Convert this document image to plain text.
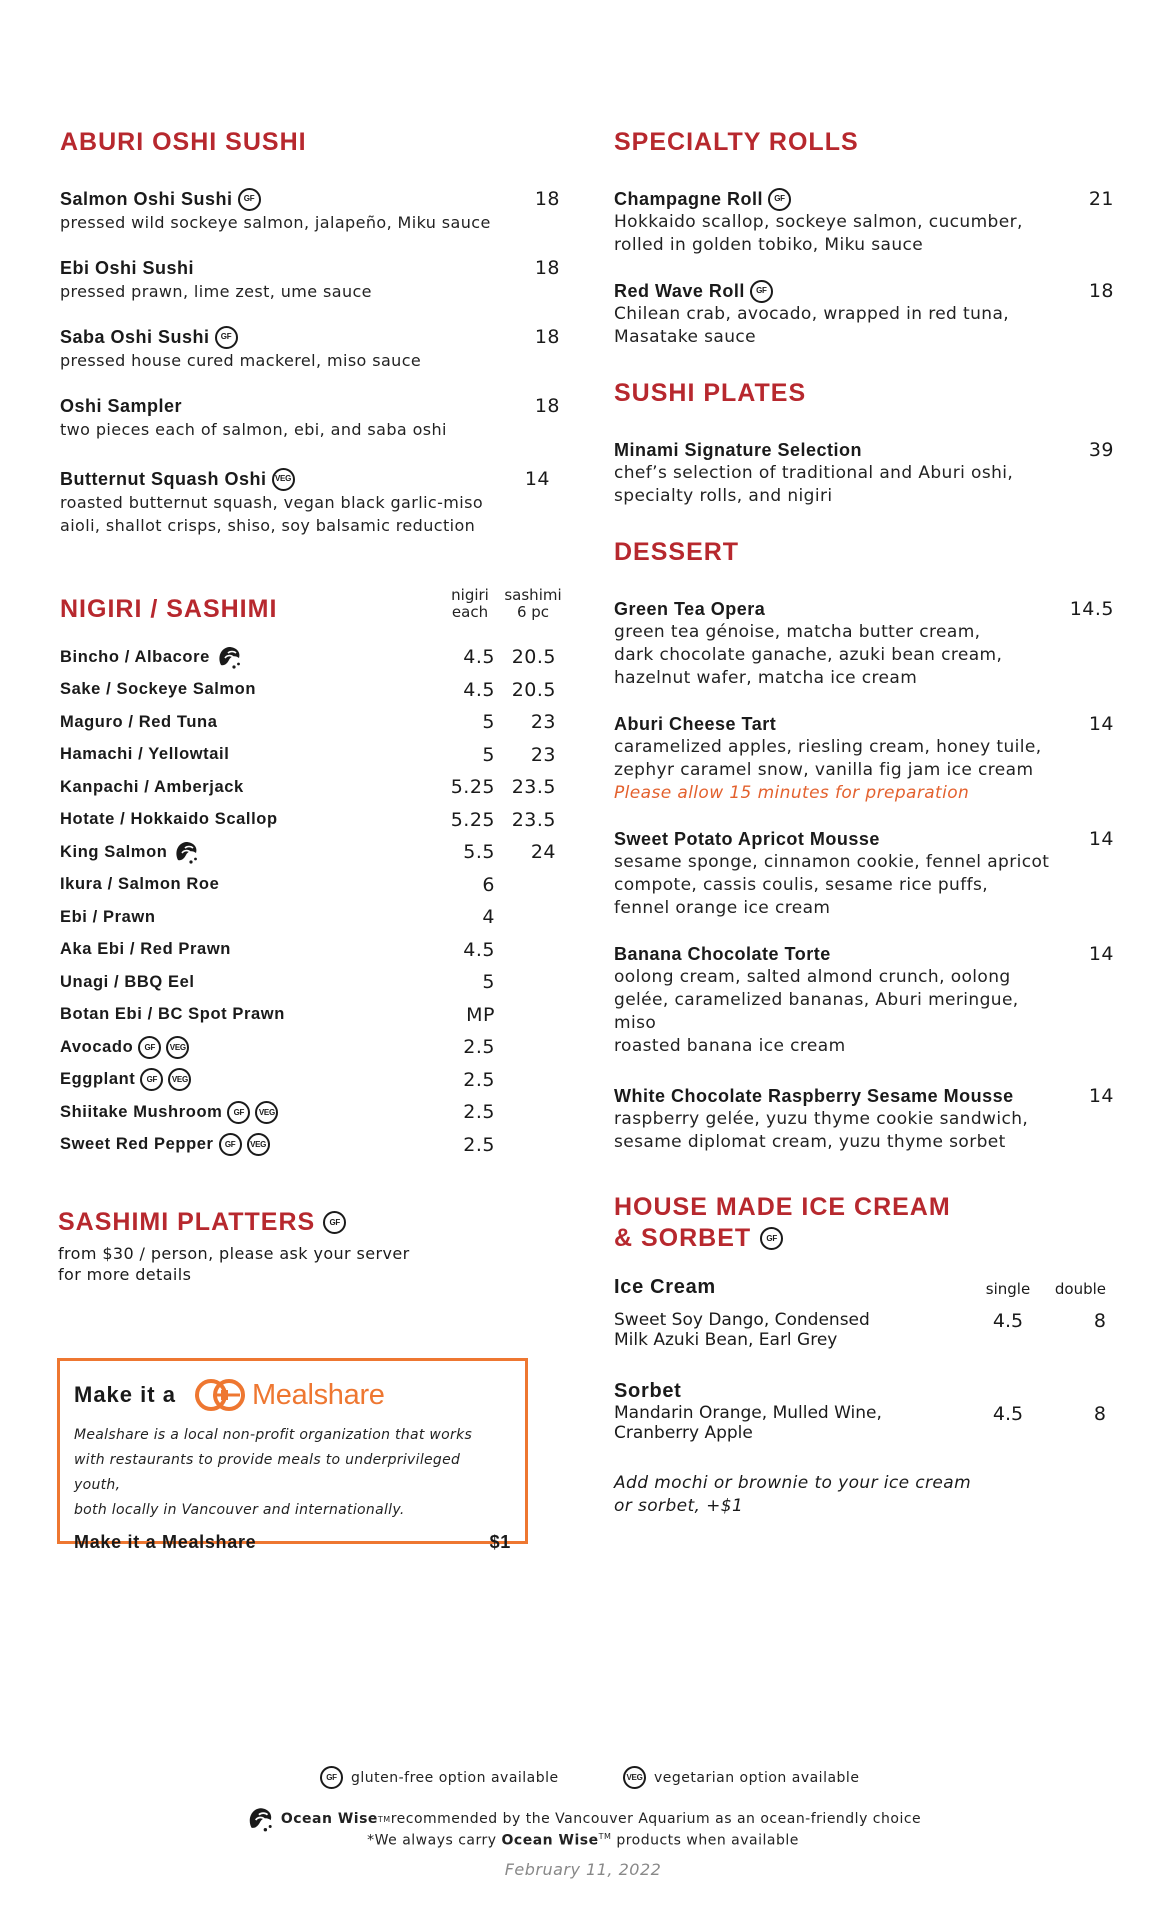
ABURI OSHI SUSHI
Salmon Oshi Sushi	GF
pressed wild sockeye salmon, jalapeño, Miku sauce
18
Ebi Oshi Sushi
pressed prawn, lime zest, ume sauce
18
Saba Oshi Sushi	GF
pressed house cured mackerel, miso sauce
18
Oshi Sampler
two pieces each of salmon, ebi, and saba oshi
18
Butternut Squash Oshi	VEG
roasted butternut squash, vegan black garlic-miso
aioli, shallot crisps, shiso, soy balsamic reduction
14
NIGIRI / SASHIMI	nigiri
each
sashimi
6 pc
Bincho / Albacore	4.5 20.5
Sake / Sockeye Salmon	4.5 20.5
Maguro / Red Tuna	5	23
Hamachi / Yellowtail	5	23
Kanpachi / Amberjack	5.25 23.5
Hotate / Hokkaido Scallop	5.25 23.5
King Salmon	5.5	24
Ikura / Salmon Roe	6
Ebi / Prawn	4
Aka Ebi / Red Prawn	4.5
Unagi / BBQ Eel	5
Botan Ebi / BC Spot Prawn	MP
Avocado	GF	VEG	2.5
Eggplant	GF	VEG	2.5
Shiitake Mushroom	GF	VEG	2.5
Sweet Red Pepper	GF	VEG	2.5
SASHIMI PLATTERS	GF
from $30 / person, please ask your server
for more details
Make it a	Mealshare
Mealshare is a local non-profit organization that works
with restaurants to provide meals to underprivileged youth,
both locally in Vancouver and internationally.
Make it a Mealshare	$1
SPECIALTY ROLLS
Champagne Roll	GF
Hokkaido scallop, sockeye salmon, cucumber,
rolled in golden tobiko, Miku sauce
21
Red Wave Roll	GF
Chilean crab, avocado, wrapped in red tuna,
Masatake sauce
18
SUSHI PLATES
Minami Signature Selection
chef’s selection of traditional and Aburi oshi,
specialty rolls, and nigiri
39
DESSERT
Green Tea Opera
green tea génoise, matcha butter cream,
dark chocolate ganache, azuki bean cream,
hazelnut wafer, matcha ice cream
14.5
Aburi Cheese Tart
caramelized apples, riesling cream, honey tuile,
zephyr caramel snow, vanilla fig jam ice cream
Please allow 15 minutes for preparation
14
Sweet Potato Apricot Mousse
sesame sponge, cinnamon cookie, fennel apricot
compote, cassis coulis, sesame rice puffs,
fennel orange ice cream
14
Banana Chocolate Torte
oolong cream, salted almond crunch, oolong
gelée, caramelized bananas, Aburi meringue, miso
roasted banana ice cream
14
White Chocolate Raspberry Sesame Mousse
raspberry gelée, yuzu thyme cookie sandwich,
sesame diplomat cream, yuzu thyme sorbet
14
HOUSE MADE ICE CREAM
& SORBET	GF
Ice Cream	single	double
Sweet Soy Dango, Condensed
Milk Azuki Bean, Earl Grey
4.5	8
Sorbet
Mandarin Orange, Mulled Wine,
Cranberry Apple
4.5	8
Add mochi or brownie to your ice cream
or sorbet, +$1
GF	gluten-free option available	VEG vegetarian option available
Ocean Wise TM recommended by the Vancouver Aquarium as an ocean-friendly choice
*We always carry Ocean Wise™ products when available
February 11, 2022
